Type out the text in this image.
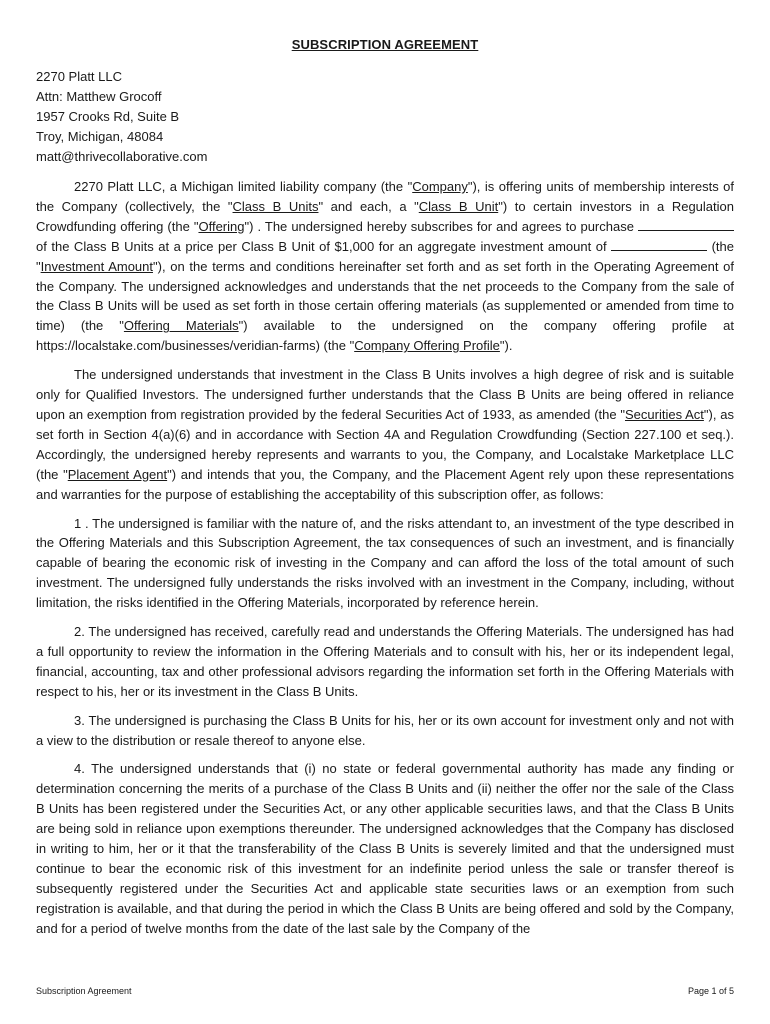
SUBSCRIPTION AGREEMENT
2270 Platt LLC
Attn: Matthew Grocoff
1957 Crooks Rd, Suite B
Troy, Michigan, 48084
matt@thrivecollaborative.com

2270 Platt LLC, a Michigan limited liability company (the "Company"), is offering units of membership interests of the Company (collectively, the "Class B Units" and each, a "Class B Unit") to certain investors in a Regulation Crowdfunding offering (the "Offering") . The undersigned hereby subscribes for and agrees to purchase  of the Class B Units at a price per Class B Unit of $1,000 for an aggregate investment amount of	(the "Investment Amount"), on the terms and conditions hereinafter set forth and as set forth in the Operating Agreement of the Company. The undersigned acknowledges and understands that the net proceeds to the Company from the sale of the Class B Units will be used as set forth in those certain offering materials (as supplemented or amended from time to time) (the "Offering Materials") available to the undersigned on the company offering profile at https://localstake.com/businesses/veridian-farms) (the "Company Offering Profile").

The undersigned understands that investment in the Class B Units involves a high degree of risk and is suitable only for Qualified Investors. The undersigned further understands that the Class B Units are being offered in reliance upon an exemption from registration provided by the federal Securities Act of 1933, as amended (the "Securities Act"), as set forth in Section 4(a)(6) and in accordance with Section 4A and Regulation Crowdfunding (Section 227.100 et seq.). Accordingly, the undersigned hereby represents and warrants to you, the Company, and Localstake Marketplace LLC (the "Placement Agent") and intends that you, the Company, and the Placement Agent rely upon these representations and warranties for the purpose of establishing the acceptability of this subscription offer, as follows:

1 . The undersigned is familiar with the nature of, and the risks attendant to, an investment of the type described in the Offering Materials and this Subscription Agreement, the tax consequences of such an investment, and is financially capable of bearing the economic risk of investing in the Company and can afford the loss of the total amount of such investment. The undersigned fully understands the risks involved with an investment in the Company, including, without limitation, the risks identified in the Offering Materials, incorporated by reference herein.

2. The undersigned has received, carefully read and understands the Offering Materials. The undersigned has had a full opportunity to review the information in the Offering Materials and to consult with his, her or its independent legal, financial, accounting, tax and other professional advisors regarding the information set forth in the Offering Materials with respect to his, her or its investment in the Class B Units.

3. The undersigned is purchasing the Class B Units for his, her or its own account for investment only and not with a view to the distribution or resale thereof to anyone else.

4. The undersigned understands that (i) no state or federal governmental authority has made any finding or determination concerning the merits of a purchase of the Class B Units and (ii) neither the offer nor the sale of the Class B Units has been registered under the Securities Act, or any other applicable securities laws, and that the Class B Units are being sold in reliance upon exemptions thereunder. The undersigned acknowledges that the Company has disclosed in writing to him, her or it that the transferability of the Class B Units is severely limited and that the undersigned must continue to bear the economic risk of this investment for an indefinite period unless the sale or transfer thereof is subsequently registered under the Securities Act and applicable state securities laws or an exemption from such registration is available, and that during the period in which the Class B Units are being offered and sold by the Company, and for a period of twelve months from the date of the last sale by the Company of the

Subscription Agreement	Page 1 of 5
